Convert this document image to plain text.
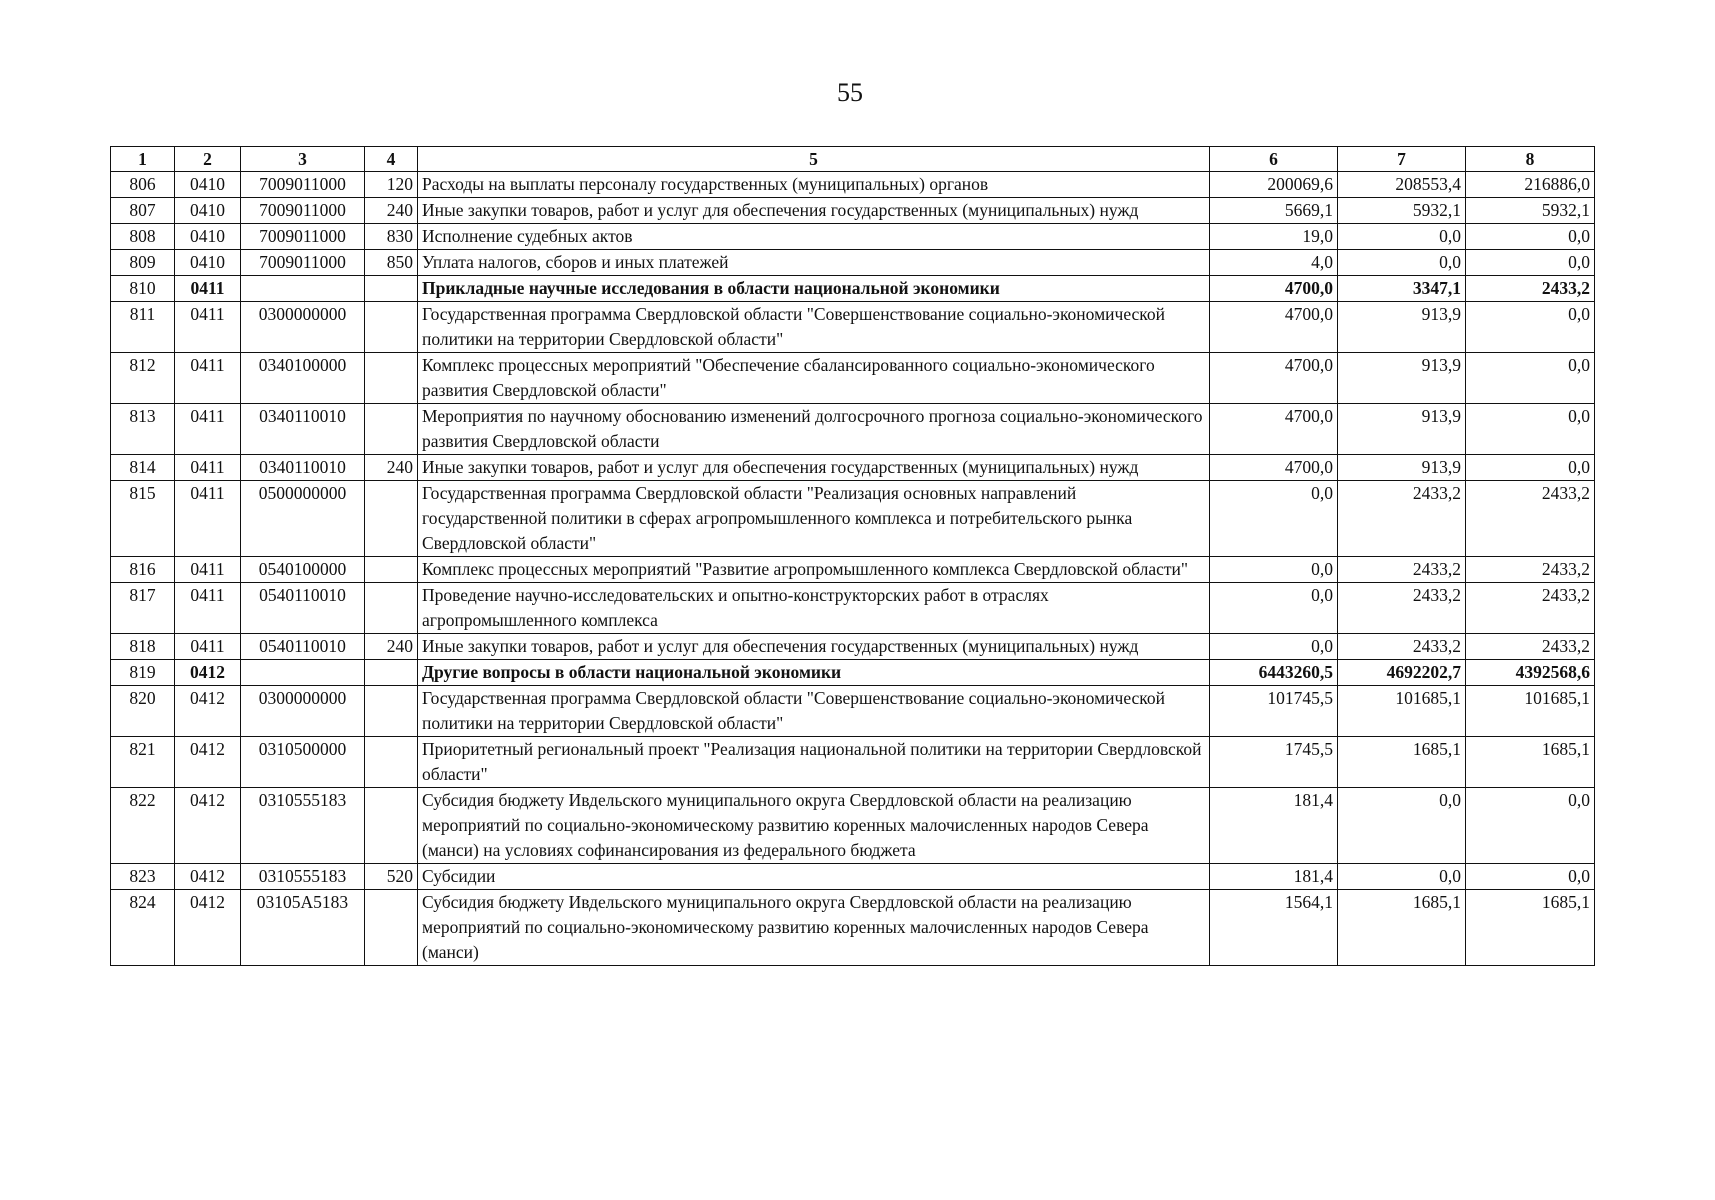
55
1	2	3	4	5	6	7	8
806	0410	7009011000	120	Расходы на выплаты персоналу государственных (муниципальных) органов	200069,6	208553,4	216886,0
807	0410	7009011000	240	Иные закупки товаров, работ и услуг для обеспечения государственных (муниципальных) нужд	5669,1	5932,1	5932,1
808	0410	7009011000	830	Исполнение судебных актов	19,0	0,0	0,0
809	0410	7009011000	850	Уплата налогов, сборов и иных платежей	4,0	0,0	0,0
810	0411			Прикладные научные исследования в области национальной экономики	4700,0	3347,1	2433,2
811	0411	0300000000		Государственная программа Свердловской области "Совершенствование социально-экономической политики на территории Свердловской области"	4700,0	913,9	0,0
812	0411	0340100000		Комплекс процессных мероприятий "Обеспечение сбалансированного социально-экономического развития Свердловской области"	4700,0	913,9	0,0
813	0411	0340110010		Мероприятия по научному обоснованию изменений долгосрочного прогноза социально-экономического развития Свердловской области	4700,0	913,9	0,0
814	0411	0340110010	240	Иные закупки товаров, работ и услуг для обеспечения государственных (муниципальных) нужд	4700,0	913,9	0,0
815	0411	0500000000		Государственная программа Свердловской области "Реализация основных направлений государственной политики в сферах агропромышленного комплекса и потребительского рынка Свердловской области"	0,0	2433,2	2433,2
816	0411	0540100000		Комплекс процессных мероприятий "Развитие агропромышленного комплекса Свердловской области"	0,0	2433,2	2433,2
817	0411	0540110010		Проведение научно-исследовательских и опытно-конструкторских работ в отраслях агропромышленного комплекса	0,0	2433,2	2433,2
818	0411	0540110010	240	Иные закупки товаров, работ и услуг для обеспечения государственных (муниципальных) нужд	0,0	2433,2	2433,2
819	0412			Другие вопросы в области национальной экономики	6443260,5	4692202,7	4392568,6
820	0412	0300000000		Государственная программа Свердловской области "Совершенствование социально-экономической политики на территории Свердловской области"	101745,5	101685,1	101685,1
821	0412	0310500000		Приоритетный региональный проект "Реализация национальной политики на территории Свердловской области"	1745,5	1685,1	1685,1
822	0412	0310555183		Субсидия бюджету Ивдельского муниципального округа Свердловской области на реализацию мероприятий по социально-экономическому развитию коренных малочисленных народов Севера (манси) на условиях софинансирования из федерального бюджета	181,4	0,0	0,0
823	0412	0310555183	520	Субсидии	181,4	0,0	0,0
824	0412	03105А5183		Субсидия бюджету Ивдельского муниципального округа Свердловской области на реализацию мероприятий по социально-экономическому развитию коренных малочисленных народов Севера (манси)	1564,1	1685,1	1685,1
